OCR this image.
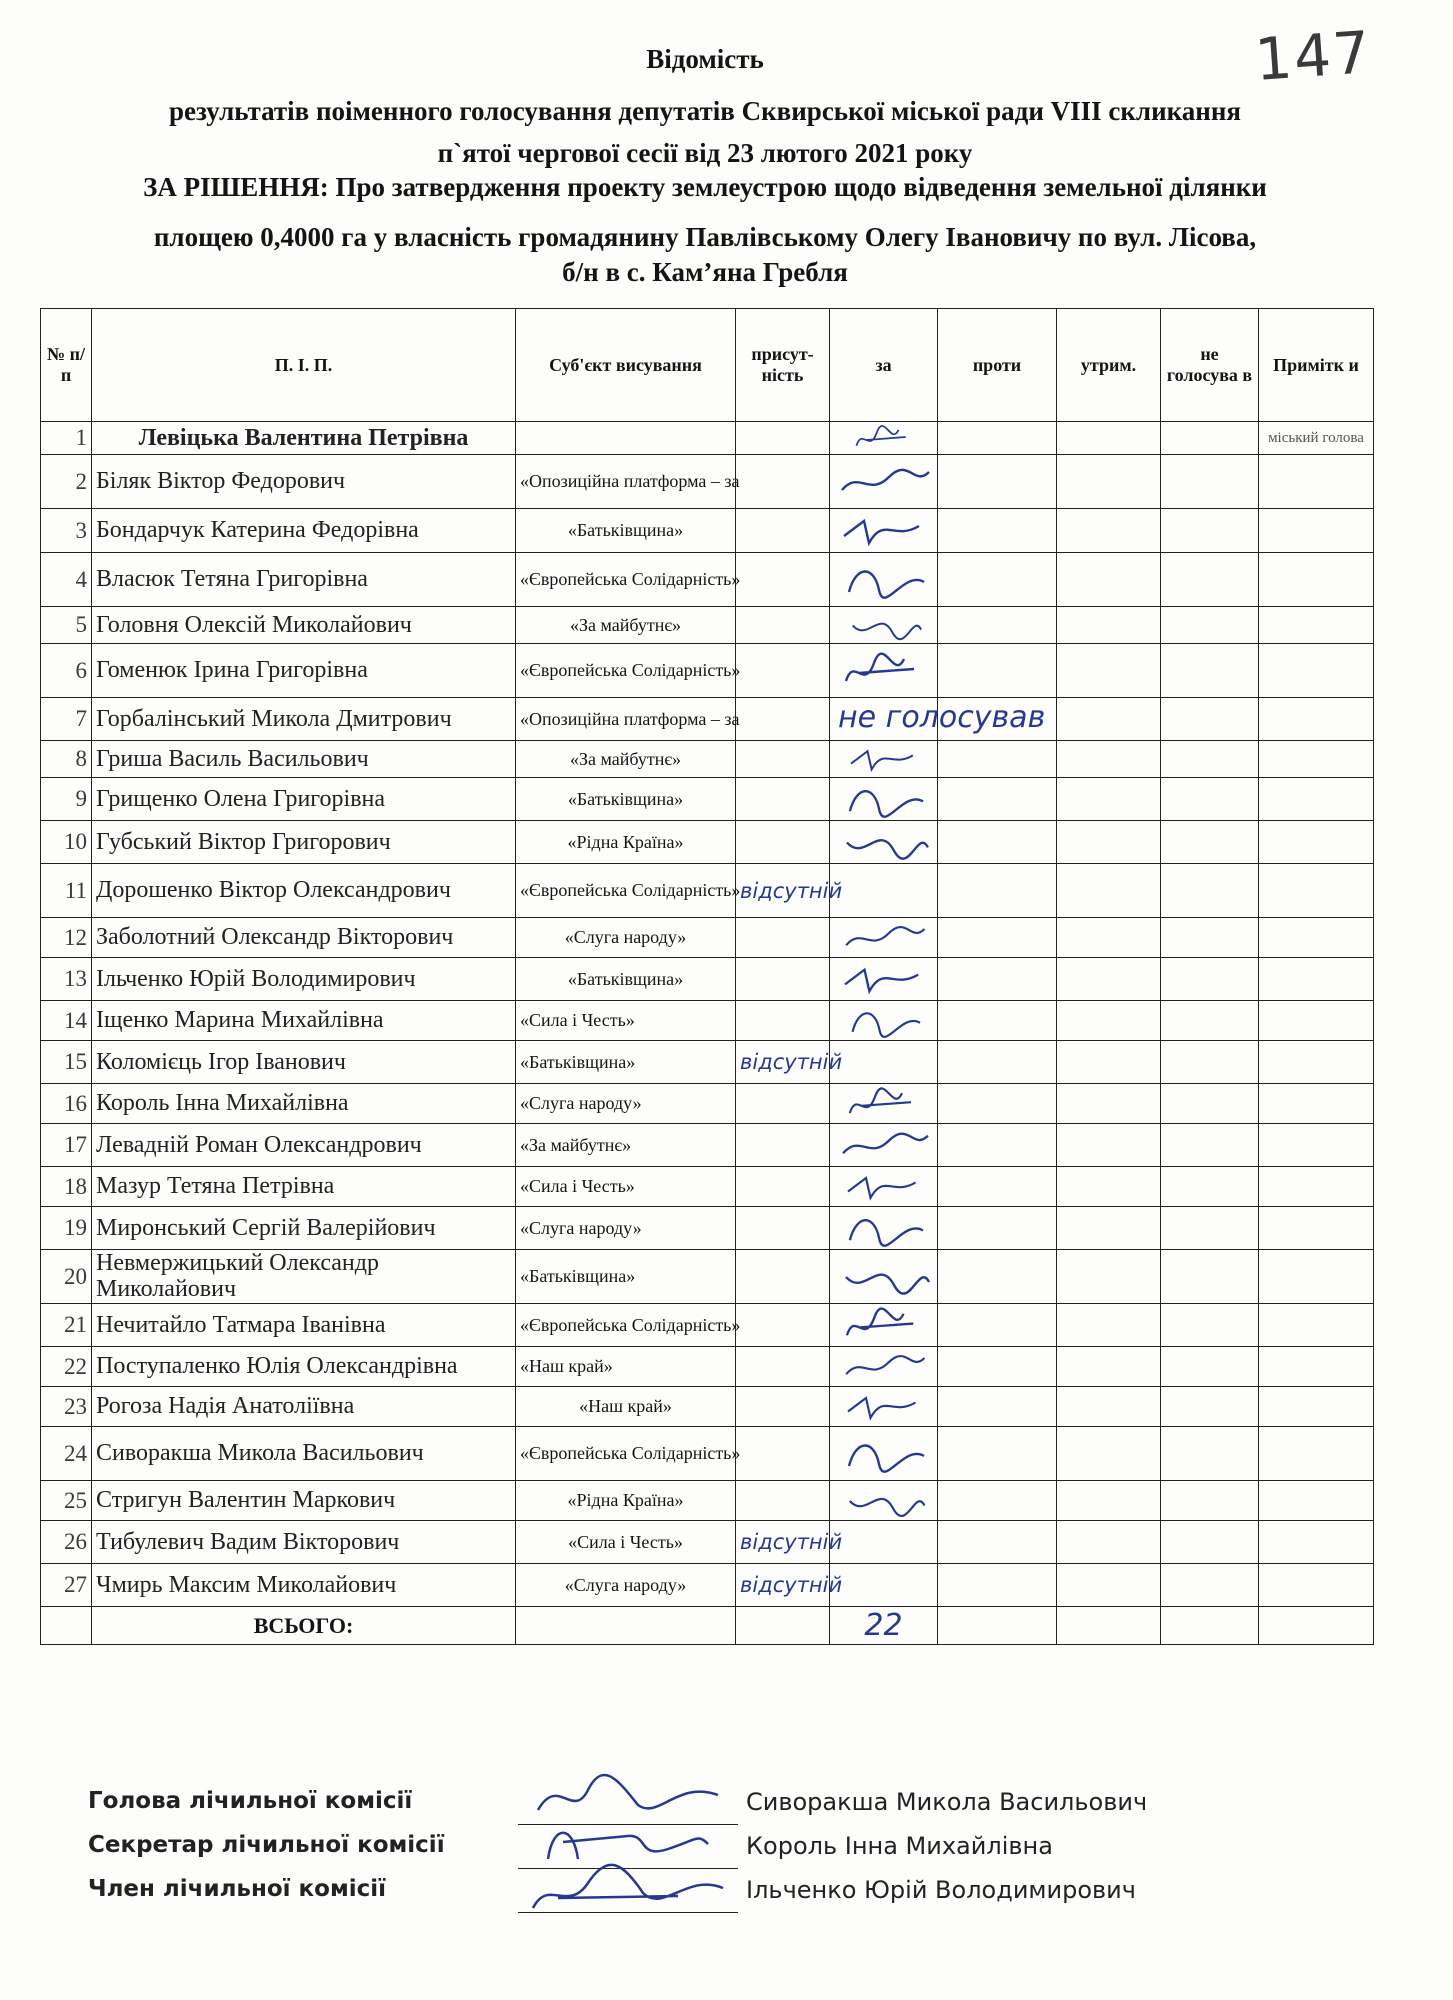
147
Відомість
результатів поіменного голосування депутатів Сквирської міської ради VIII скликання
п`ятої чергової сесії від 23 лютого 2021 року
ЗА РІШЕННЯ: Про затвердження проекту землеустрою щодо відведення земельної ділянки
площею 0,4000 га у власність громадянину Павлівському Олегу Івановичу по вул. Лісова,
б/н в с. Кам’яна Гребля
№ п/п	П. І. П.	Суб'єкт висування	присут-ність	за	проти	утрим.	не голосува в	Примітк и
1	Левіцька Валентина Петрівна							міський голова
2	Біляк Віктор Федорович	«Опозиційна платформа – за		

3	Бондарчук Катерина Федорівна	«Батьківщина»		

4	Власюк Тетяна Григорівна	«Європейська Солідарність»		

5	Головня Олексій Миколайович	«За майбутнє»		

6	Гоменюк Ірина Григорівна	«Європейська Солідарність»		

7	Горбалінський Микола Дмитрович	«Опозиційна платформа – за		не голосував				

8	Гриша Василь Васильович	«За майбутнє»		

9	Грищенко Олена Григорівна	«Батьківщина»		

10	Губський Віктор Григорович	«Рідна Країна»		

11	Дорошенко Віктор Олександрович	«Європейська Солідарність»	відсутній					
12	Заболотний Олександр Вікторович	«Слуга народу»		

13	Ільченко Юрій Володимирович	«Батьківщина»		

14	Іщенко Марина Михайлівна	«Сила і Честь»		

15	Коломієць Ігор Іванович	«Батьківщина»	відсутній					
16	Король Інна Михайлівна	«Слуга народу»		

17	Левадній Роман Олександрович	«За майбутнє»		

18	Мазур Тетяна Петрівна	«Сила і Честь»		

19	Миронський Сергій Валерійович	«Слуга народу»		

20	Невмержицький Олександр Миколайович	«Батьківщина»		

21	Нечитайло Татмара Іванівна	«Європейська Солідарність»		

22	Поступаленко Юлія Олександрівна	«Наш край»		

23	Рогоза Надія Анатоліївна	«Наш край»		

24	Сиворакша Микола Васильович	«Європейська Солідарність»		

25	Стригун Валентин Маркович	«Рідна Країна»		

26	Тибулевич Вадим Вікторович	«Сила і Честь»	відсутній					
27	Чмирь Максим Миколайович	«Слуга народу»	відсутній					
	ВСЬОГО:			22				
Голова лічильної комісії	Сиворакша Микола Васильович
Секретар лічильної комісії	Король Інна Михайлівна
Член лічильної комісії	Ільченко Юрій Володимирович
